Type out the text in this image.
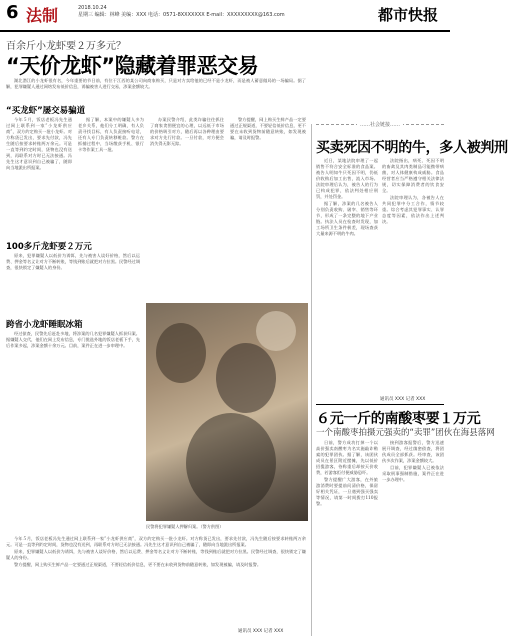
6 法制	2018.10.24
星期三 编辑：林峰 美编：XXX 电话：0571-8XXXXXXX E-mail：XXXXXXXXX@163.com	都市快报
百余斤小龙虾要２万多元？
“天价龙虾”隐藏着罪恶交易

湖北潜江的小龙虾很有名，今年重要的节日前，有位于江西的某公司向商家购买，只是对方卖给他的已经不是小龙虾，而是被人蓄意做局的一场骗局。据了解，犯罪嫌疑人通过网络发布低价信息，诱骗被害人进行交易，涉案金额较大。

“买龙虾”屡交易骗道

今年５月，饭店老板冯先生通过网上联系到一家“小龙虾供应商”，双方约定购买一批小龙虾。对方称货已发出，要求先付款，冯先生随后按要求转账两万余元。可是一直等到约定时间，货物也没有送到，再联系对方时已无法接通。冯先生这才意识到自己被骗了，随即向当地派出所报案。

据了解，本案中的嫌疑人多为老乡关系，他们分工明确，有人负责寻找目标，有人负责接听电话，还有人专门负责转移赃款。警方在抓捕过程中，当场缴获手机、银行卡等作案工具一批。

办案民警介绍，此类诈骗往往抓住了商家贪图便宜的心理，以远低于市场的价格吸引对方，随后再以各种理由要求对方先行付款。一旦付款，对方便会消失得无影无踪。

警方提醒，网上购买生鲜产品一定要通过正规渠道，不要轻信低价信息，更不要在未收到货物前随意转账，如发现被骗，请及时报警。

100多斤龙虾要２万元

原来，犯罪嫌疑人以低价为诱饵，先与被害人谈好价格，然后以运费、押金等名义让对方不断转账，等钱到账后就把对方拉黑。民警经过调查，很快锁定了嫌疑人的身份。

跨省小龙虾睡眠冰箱

经过侦查，民警先后赶赴多地，将涉案的几名犯罪嫌疑人抓获归案。据嫌疑人交代，他们在网上发布信息，专门挑选外地的饭店老板下手，先后作案多起，涉案金额十余万元。目前，案件正在进一步审理中。

民警将犯罪嫌疑人押解归案。（警方供图）

今年５月，饭店老板冯先生通过网上联系到一家“小龙虾供应商”，双方约定购买一批小龙虾。对方称货已发出，要求先付款，冯先生随后按要求转账两万余元。可是一直等到约定时间，货物也没有送到，再联系对方时已无法接通。冯先生这才意识到自己被骗了，随即向当地派出所报案。

原来，犯罪嫌疑人以低价为诱饵，先与被害人谈好价格，然后以运费、押金等名义让对方不断转账，等钱到账后就把对方拉黑。民警经过调查，很快锁定了嫌疑人的身份。

警方提醒，网上购买生鲜产品一定要通过正规渠道，不要轻信低价信息，更不要在未收到货物前随意转账，如发现被骗，请及时报警。

通讯员 XXX 记者 XXX
……社会链接……
买卖死因不明的牛，多人被判刑

近日，某地法院审理了一起销售不符合安全标准的食品案。被告人明知牛只死因不明，仍低价收购后加工出售，流入市场。法院审理后认为，被告人的行为已构成犯罪，依法判处相应刑罚，并处罚金。

据了解，涉案的几名被告人分别负责收购、屠宰、销售等环节，形成了一条完整的地下产业链。执法人员在检查时发现，加工场所卫生条件极差，现场查获大量来源不明的牛肉。

法院指出，病死、死因不明的畜禽及其肉类制品可能携带病菌，对人体健康构成威胁。食品经营者应当严格遵守相关法律法规，切实保障消费者的饮食安全。

法院审理认为，各被告人在共同犯罪中分工合作，情节较重。综合考虑其犯罪事实、认罪态度等因素，依法作出上述判决。

通讯员 XXX 记者 XXX
６元一斤的南酸枣要１万元
一个南酸枣拍摄元强卖的“卖罪”团伙在海县落网

日前，警方成功打掉一个以高价强卖南酸枣为名实施敲诈勒索的犯罪团伙。据了解，该团伙成员在景区附近摆摊，先以低价招揽游客，待称重后却按天价收费，若游客拒付便威胁恐吓。

警方提醒广大游客，在外旅游消费时要提前问清价格，保留好相关凭证，一旦遇到强买强卖等情况，请第一时间拨打110报警。

接到游客报警后，警方迅速展开调查，经过缜密侦查，将团伙成员全部抓获。经审查，该团伙多次作案，涉案金额较大。

目前，犯罪嫌疑人已被依法采取刑事强制措施，案件正在进一步办理中。
